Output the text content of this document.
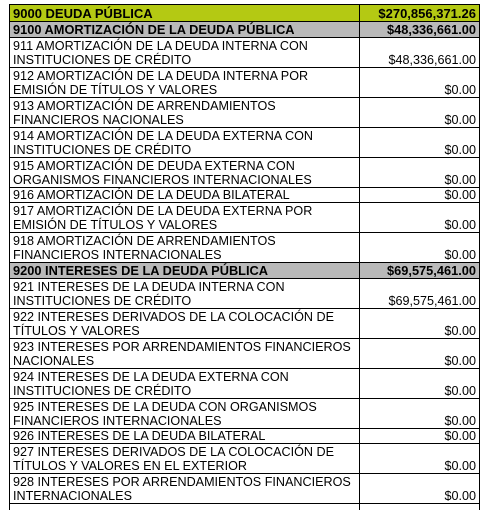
9000 DEUDA PÚBLICA	$270,856,371.26
9100 AMORTIZACIÓN DE LA DEUDA PÚBLICA	$48,336,661.00
911 AMORTIZACIÓN DE LA DEUDA INTERNA CON INSTITUCIONES DE CRÉDITO	$48,336,661.00
912 AMORTIZACIÓN DE LA DEUDA INTERNA POR EMISIÓN DE TÍTULOS Y VALORES	$0.00
913 AMORTIZACIÓN DE ARRENDAMIENTOS FINANCIEROS NACIONALES	$0.00
914 AMORTIZACIÓN DE LA DEUDA EXTERNA CON INSTITUCIONES DE CRÉDITO	$0.00
915 AMORTIZACIÓN DE DEUDA EXTERNA CON ORGANISMOS FINANCIEROS INTERNACIONALES	$0.00
916 AMORTIZACIÓN DE LA DEUDA BILATERAL	$0.00
917 AMORTIZACIÓN DE LA DEUDA EXTERNA POR EMISIÓN DE TÍTULOS Y VALORES	$0.00
918 AMORTIZACIÓN DE ARRENDAMIENTOS FINANCIEROS INTERNACIONALES	$0.00
9200 INTERESES DE LA DEUDA PÚBLICA	$69,575,461.00
921 INTERESES DE LA DEUDA INTERNA CON INSTITUCIONES DE CRÉDITO	$69,575,461.00
922 INTERESES DERIVADOS DE LA COLOCACIÓN DE TÍTULOS Y VALORES	$0.00
923 INTERESES POR ARRENDAMIENTOS FINANCIEROS NACIONALES	$0.00
924 INTERESES DE LA DEUDA EXTERNA CON INSTITUCIONES DE CRÉDITO	$0.00
925 INTERESES DE LA DEUDA CON ORGANISMOS FINANCIEROS INTERNACIONALES	$0.00
926 INTERESES DE LA DEUDA BILATERAL	$0.00
927 INTERESES DERIVADOS DE LA COLOCACIÓN DE TÍTULOS Y VALORES EN EL EXTERIOR	$0.00
928 INTERESES POR ARRENDAMIENTOS FINANCIEROS INTERNACIONALES	$0.00
